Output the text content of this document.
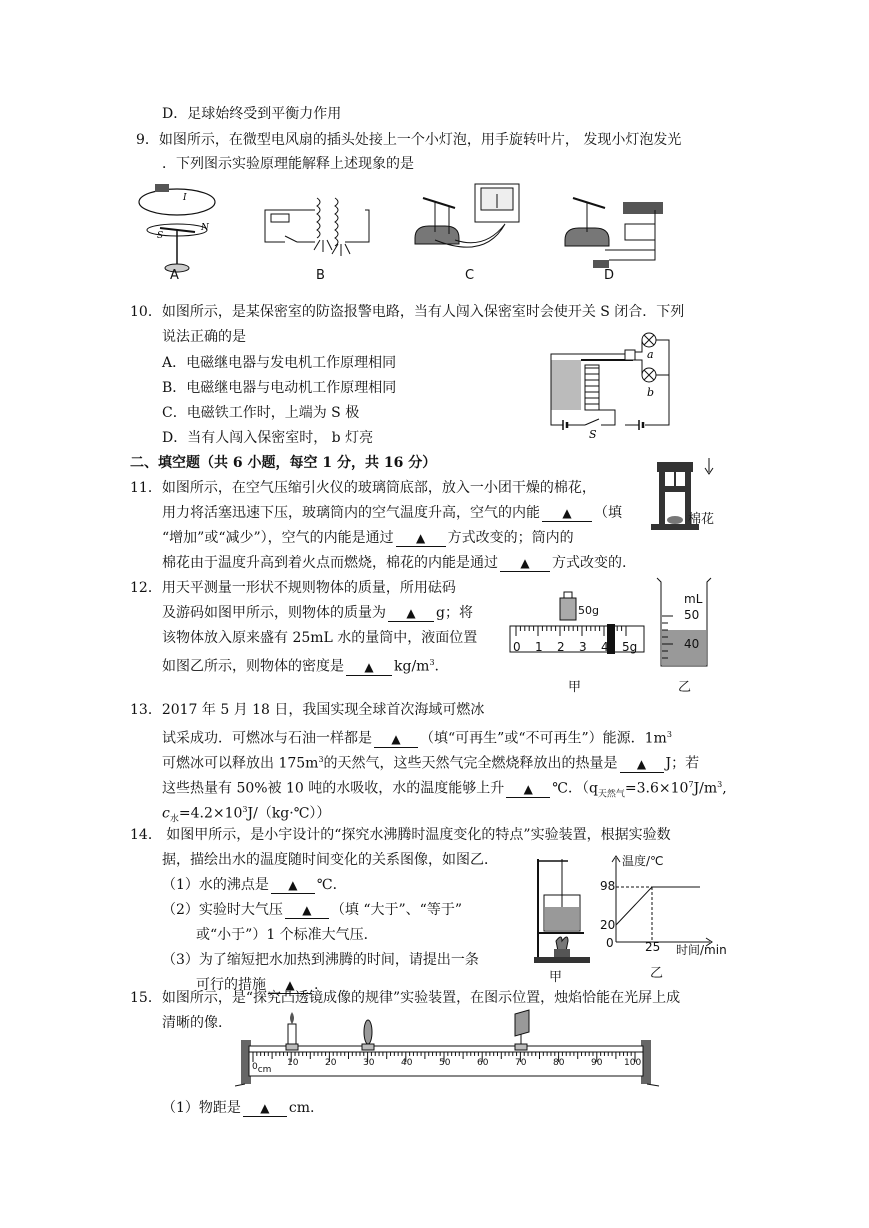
D．足球始终受到平衡力作用
9．如图所示，在微型电风扇的插头处接上一个小灯泡，用手旋转叶片， 发现小灯泡发光
．下列图示实验原理能解释上述现象的是
I
S
N
A	B	C	D
10．如图所示，是某保密室的防盗报警电路，当有人闯入保密室时会使开关 S 闭合．下列
说法正确的是
A．电磁继电器与发电机工作原理相同
B．电磁继电器与电动机工作原理相同
C．电磁铁工作时，上端为 S 极
D．当有人闯入保密室时， b 灯亮
a
b
S
二、填空题（共 6 小题，每空 1 分，共 16 分）
11．如图所示，在空气压缩引火仪的玻璃筒底部，放入一小团干燥的棉花，
用力将活塞迅速下压，玻璃筒内的空气温度升高，空气的内能 ▲ （填
“增加”或“减少”），空气的内能是通过 ▲ 方式改变的；筒内的
棉花由于温度升高到着火点而燃烧，棉花的内能是通过 ▲ 方式改变的.
棉花
12．用天平测量一形状不规则物体的质量，所用砝码
及游码如图甲所示，则物体的质量为 ▲ g；将
该物体放入原来盛有 25mL 水的量筒中，液面位置
如图乙所示，则物体的密度是 ▲ $kg/m^3$.
50g
0 1 2 3 4 5g
甲
mL
50
40
乙
13．2017 年 5 月 18 日，我国实现全球首次海域可燃冰
试采成功．可燃冰与石油一样都是 ▲ （填“可再生”或“不可再生”）能源．$1m^3$
可燃冰可以释放出 $175m^3$的天然气，这些天然气完全燃烧释放出的热量是 ▲ J；若
这些热量有 50%被 10 吨的水吸收，水的温度能够上升 ▲ ℃．（$q_{天然气}=3.6\times 10^7J/m^3$,
$c_水=4.2\times 10^3J/(kg\cdot℃)$）
14． 如图甲所示，是小宇设计的“探究水沸腾时温度变化的特点”实验装置，根据实验数
据，描绘出水的温度随时间变化的关系图像，如图乙．
（1）水的沸点是 ▲ ℃．
（2）实验时大气压 ▲ （填 “大于”、“等于”
或“小于”）1 个标准大气压．
（3）为了缩短把水加热到沸腾的时间，请提出一条
可行的措施 ▲ .	甲
温度/℃
98
20
0	25 时间/min
乙
15．如图所示，是“探究凸透镜成像的规律”实验装置，在图示位置，烛焰恰能在光屏上成
清晰的像.
0cm
10	20	30	40	50	60	70	80	90 100
（1）物距是 ▲ cm.
